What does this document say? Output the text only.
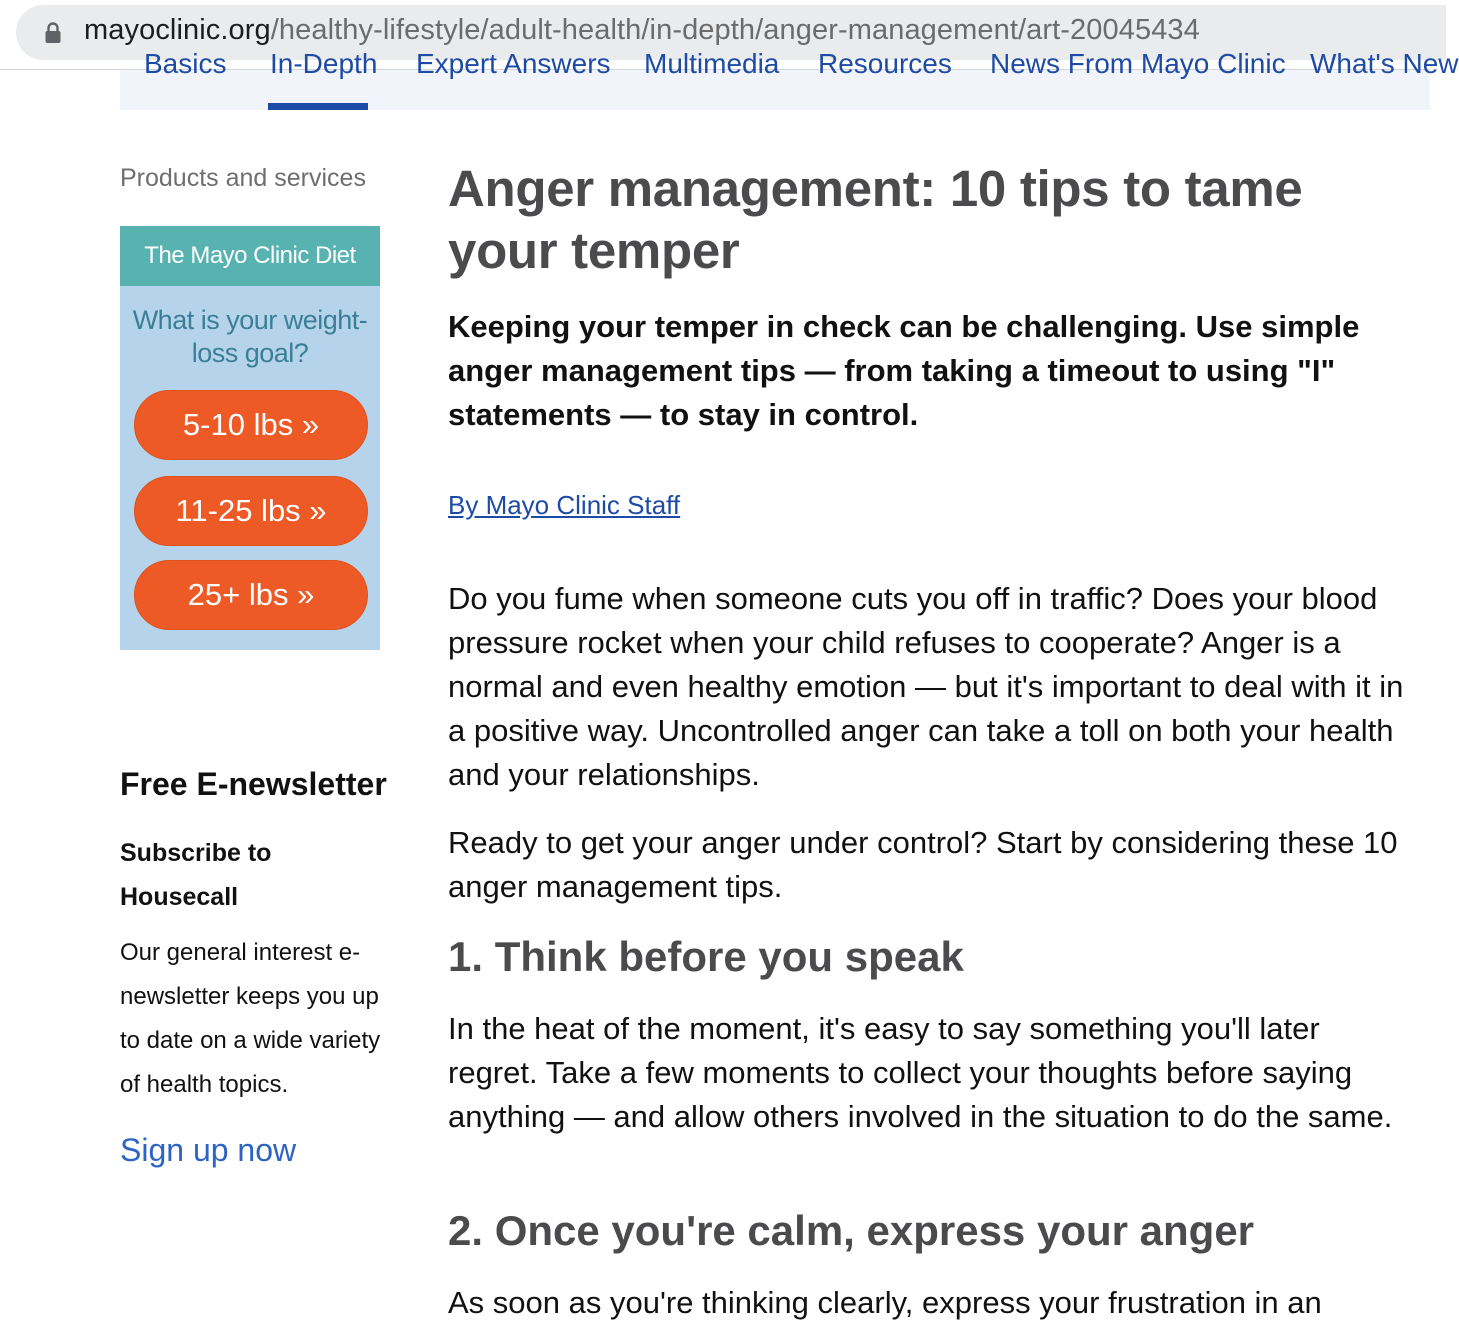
mayoclinic.org/healthy-lifestyle/adult-health/in-depth/anger-management/art-20045434
Basics In-Depth Expert Answers Multimedia Resources News From Mayo Clinic What's New
Products and services
The Mayo Clinic Diet
What is your weight-loss goal?
5-10 lbs »
11-25 lbs »
25+ lbs »
Free E-newsletter
Subscribe to Housecall
Our general interest e-newsletter keeps you up to date on a wide variety of health topics.
Sign up now
Anger management: 10 tips to tame your temper

Keeping your temper in check can be challenging. Use simple anger management tips — from taking a timeout to using "I" statements — to stay in control.

By Mayo Clinic Staff

Do you fume when someone cuts you off in traffic? Does your blood pressure rocket when your child refuses to cooperate? Anger is a normal and even healthy emotion — but it's important to deal with it in a positive way. Uncontrolled anger can take a toll on both your health and your relationships.

Ready to get your anger under control? Start by considering these 10 anger management tips.

1. Think before you speak

In the heat of the moment, it's easy to say something you'll later regret. Take a few moments to collect your thoughts before saying anything — and allow others involved in the situation to do the same.

2. Once you're calm, express your anger

As soon as you're thinking clearly, express your frustration in an
